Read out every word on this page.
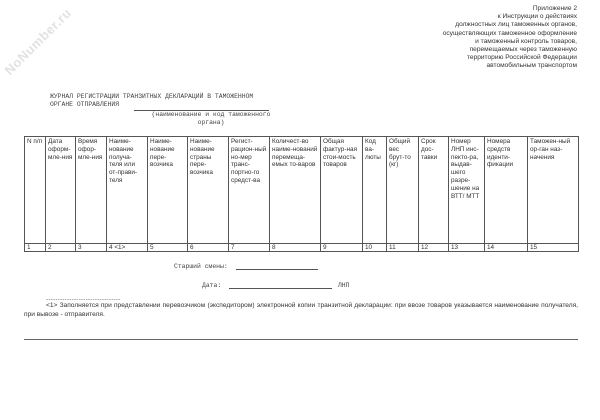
NoNumber.ru	Приложение 2
к Инструкции о действиях
должностных лиц таможенных органов,
осуществляющих таможенное оформление
и таможенный контроль товаров,
перемещаемых через таможенную
территорию Российской Федерации
автомобильным транспортом
ЖУРНАЛ РЕГИСТРАЦИИ ТРАНЗИТНЫХ ДЕКЛАРАЦИЙ В ТАМОЖЕННОМ
ОРГАНЕ ОТПРАВЛЕНИЯ
(наименование и код таможенного органа)
N п/п	Дата оформ-мле-ния	Время офор-мле-ния	Наиме-нование получа-теля или от-прави-теля	Наиме-нование пере-возчика	Наиме-нование страны пере-возчика	Регист-рацион-ный но-мер транс-портно-го средст-ва	Количест-во наиме-нований перемеща-емых то-варов	Общая фактур-ная стои-мость товаров	Код ва-люты	Общий вес брут-то (кг)	Срок дос-тавки	Номер ЛНП инс-пекто-ра, выдав-шего разре-шение на ВТТ/ МТТ	Номера средств иденти-фикации	Таможен-ный ор-ган наз-начения
1	2	3	4 <1>	5	6	7	8	9	10	11	12	13	14	15
Старший смены:
Дата:	ЛНП
--------------------------------
<1> Заполняется при представлении перевозчиком (экспедитором) электронной копии транзитной декларации: при ввозе товаров указывается наименование получателя, при вывозе - отправителя.
